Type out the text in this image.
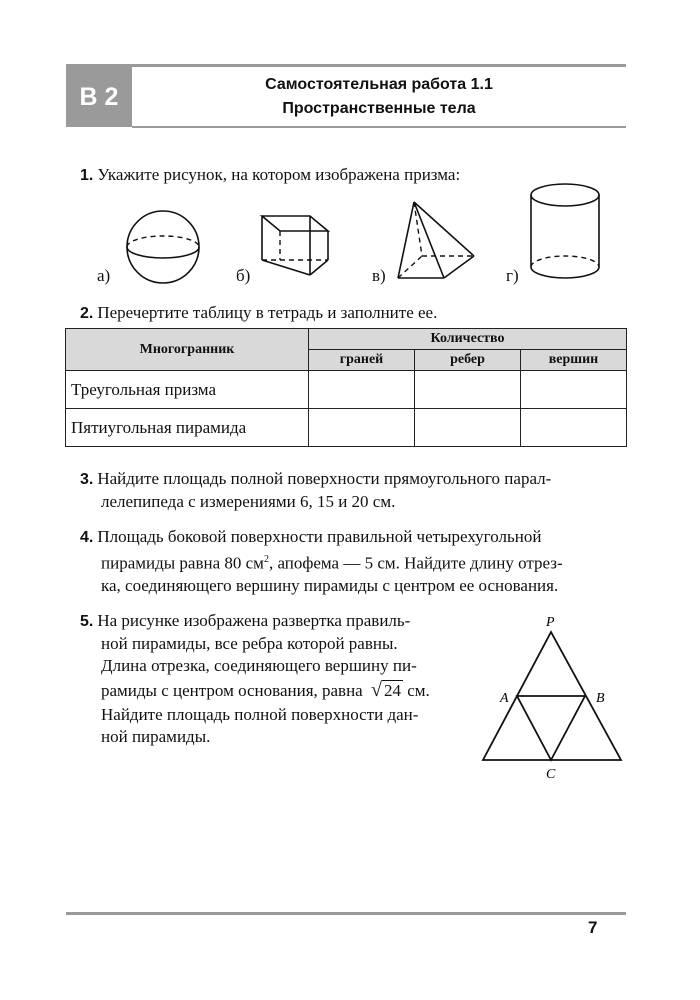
В 2	Самостоятельная работа 1.1
Пространственные тела

1. Укажите рисунок, на котором изображена призма:

а)	б)	в)	г)

2. Перечертите таблицу в тетрадь и заполните ее.

Многогранник	Количество		
	граней	ребер	вершин
Треугольная призма			
Пятиугольная пирамида			

3. Найдите площадь полной поверхности прямоугольного парал-

лелепипеда с измерениями 6, 15 и 20 см.

4. Площадь боковой поверхности правильной четырехугольной

пирамиды равна 80 $см^2$, апофема — 5 см. Найдите длину отрез-

ка, соединяющего вершину пирамиды с центром ее основания.

5. На рисунке изображена развертка правиль-

ной пирамиды, все ребра которой равны.

Длина отрезка, соединяющего вершину пи-

рамиды с центром основания, равна √ 24 см.

Найдите площадь полной поверхности дан-

ной пирамиды.

P
A	B
C
7
